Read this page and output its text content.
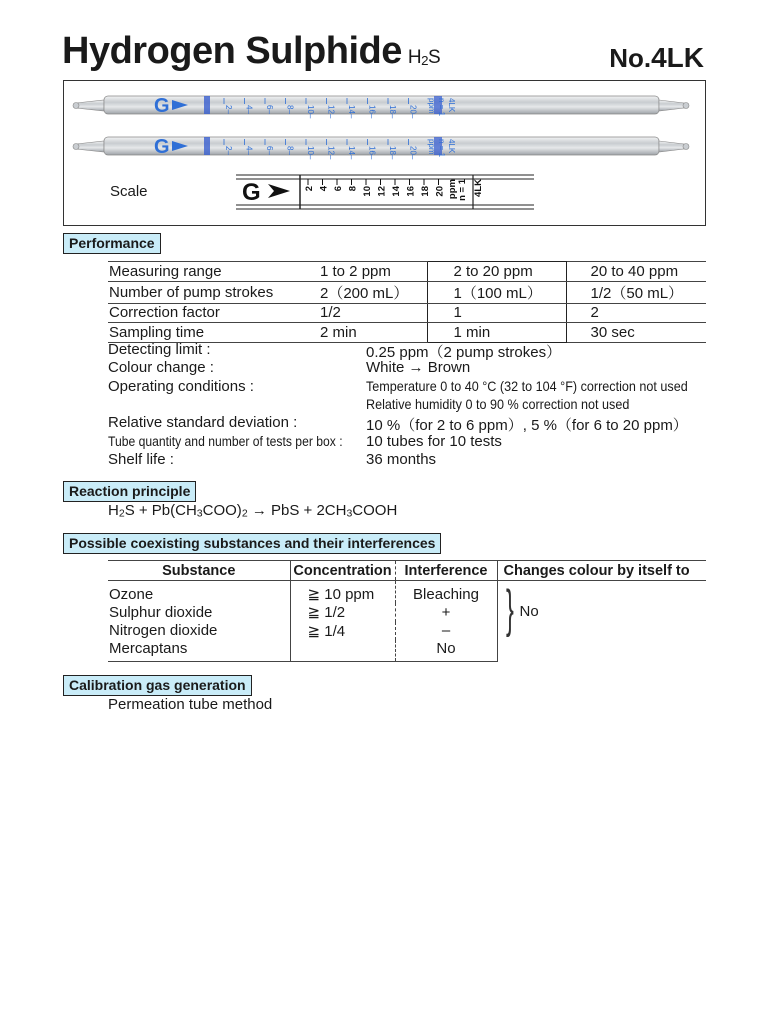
Hydrogen Sulphide H2S	No.4LK
G	2– 4– 6– 8– 10– 12– 14– 16– 18– 20– ppm n = 1 4LK
G	2– 4– 6– 8– 10– 12– 14– 16– 18– 20– ppm n = 1 4LK
G	2 4 6 8 10 12 14 16 18 20 ppm n = 1 4LK
Scale
Performance
Measuring range	1 to 2 ppm	2 to 20 ppm	20 to 40 ppm
Number of pump strokes	2（200 mL）	1（100 mL）	1/2（50 mL）
Correction factor	1/2	1	2
Sampling time	2 min	1 min	30 sec
Detecting limit :	0.25 ppm（2 pump strokes）
Colour change :	White → Brown
Operating conditions :	Temperature 0 to 40 °C (32 to 104 °F) correction not used
Relative humidity 0 to 90 % correction not used
Relative standard deviation :	10 %（for 2 to 6 ppm）, 5 %（for 6 to 20 ppm）
Tube quantity and number of tests per box :	10 tubes for 10 tests
Shelf life :	36 months
Reaction principle
H2S + Pb(CH3COO)2 → PbS + 2CH3COOH
Possible coexisting substances and their interferences
Substance	Concentration	Interference	Changes colour by itself to
Ozone	≧ 10 ppm	Bleaching	} No

Sulphur dioxide	≧ 1/2	+	
Nitrogen dioxide	≧ 1/4	–	
Mercaptans		No	
Calibration gas generation
Permeation tube method
